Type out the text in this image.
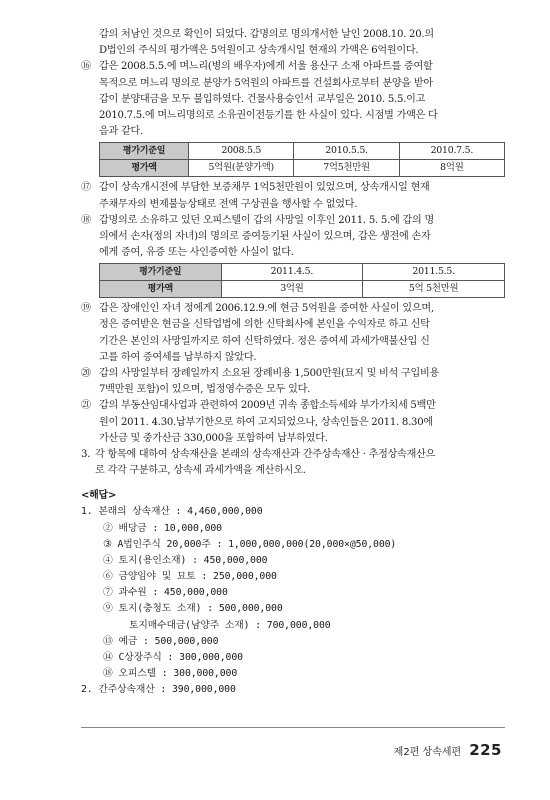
갑의 처남인 것으로 확인이 되었다. 갑명의로 명의개서한 날인 2008.10. 20.의
D법인의 주식의 평가액은 5억원이고 상속개시일 현재의 가액은 6억원이다.
⑯ 갑은 2008.5.5.에 며느리(병의 배우자)에게 서울 용산구 소재 아파트를 증여할
목적으로 며느리 명의로 분양가 5억원의 아파트를 건설회사로부터 분양을 받아
갑이 분양대금을 모두 불입하였다. 건물사용승인서 교부일은 2010. 5.5.이고
2010.7.5.에 며느리명의로 소유권이전등기를 한 사실이 있다. 시점별 가액은 다
음과 같다.
평가기준일	2008.5.5	2010.5.5.	2010.7.5.
평가액	5억원(분양가액)	7억5천만원	8억원
⑰ 갑이 상속개시전에 부담한 보증채무 1억5천만원이 있었으며, 상속개시일 현재
주채무자의 변제불능상태로 전액 구상권을 행사할 수 없었다.
⑱ 갑명의로 소유하고 있던 오피스텔이 갑의 사망일 이후인 2011. 5. 5.에 갑의 명
의에서 손자(정의 자녀)의 명의로 증여등기된 사실이 있으며, 갑은 생전에 손자
에게 증여, 유증 또는 사인증여한 사실이 없다.
평가기준일	2011.4.5.	2011.5.5.
평가액	3억원	5억 5천만원
⑲ 갑은 장애인인 자녀 정에게 2006.12.9.에 현금 5억원을 증여한 사실이 있으며,
정은 증여받은 현금을 신탁업법에 의한 신탁회사에 본인을 수익자로 하고 신탁
기간은 본인의 사망일까지로 하여 신탁하였다. 정은 증여세 과세가액불산입 신
고를 하여 증여세를 납부하지 않았다.
⑳ 갑의 사망일부터 장례일까지 소요된 장례비용 1,500만원(묘지 및 비석 구입비용
7백만원 포함)이 있으며, 법정영수증은 모두 있다.
㉑ 갑의 부동산임대사업과 관련하여 2009년 귀속 종합소득세와 부가가치세 5백만
원이 2011. 4.30.납부기한으로 하여 고지되었으나, 상속인들은 2011. 8.30에
가산금 및 중가산금 330,000을 포함하여 납부하였다.
3. 각 항목에 대하여 상속재산을 본래의 상속재산과 간주상속재산 · 추정상속재산으
로 각각 구분하고, 상속세 과세가액을 계산하시오.
<해답>
1. 본래의 상속재산 : 4,460,000,000
② 배당금 : 10,000,000
③ A법인주식 20,000주 : 1,000,000,000(20,000×@50,000)
④ 토지(용인소재) : 450,000,000
⑥ 금양임야 및 묘토 : 250,000,000
⑦ 과수원 : 450,000,000
⑨ 토지(충청도 소재) : 500,000,000
토지매수대금(남양주 소재) : 700,000,000
⑬ 예금 : 500,000,000
⑭ C상장주식 : 300,000,000
⑱ 오피스텔 : 300,000,000
2. 간주상속재산 : 390,000,000
제2편 상속세편 225
